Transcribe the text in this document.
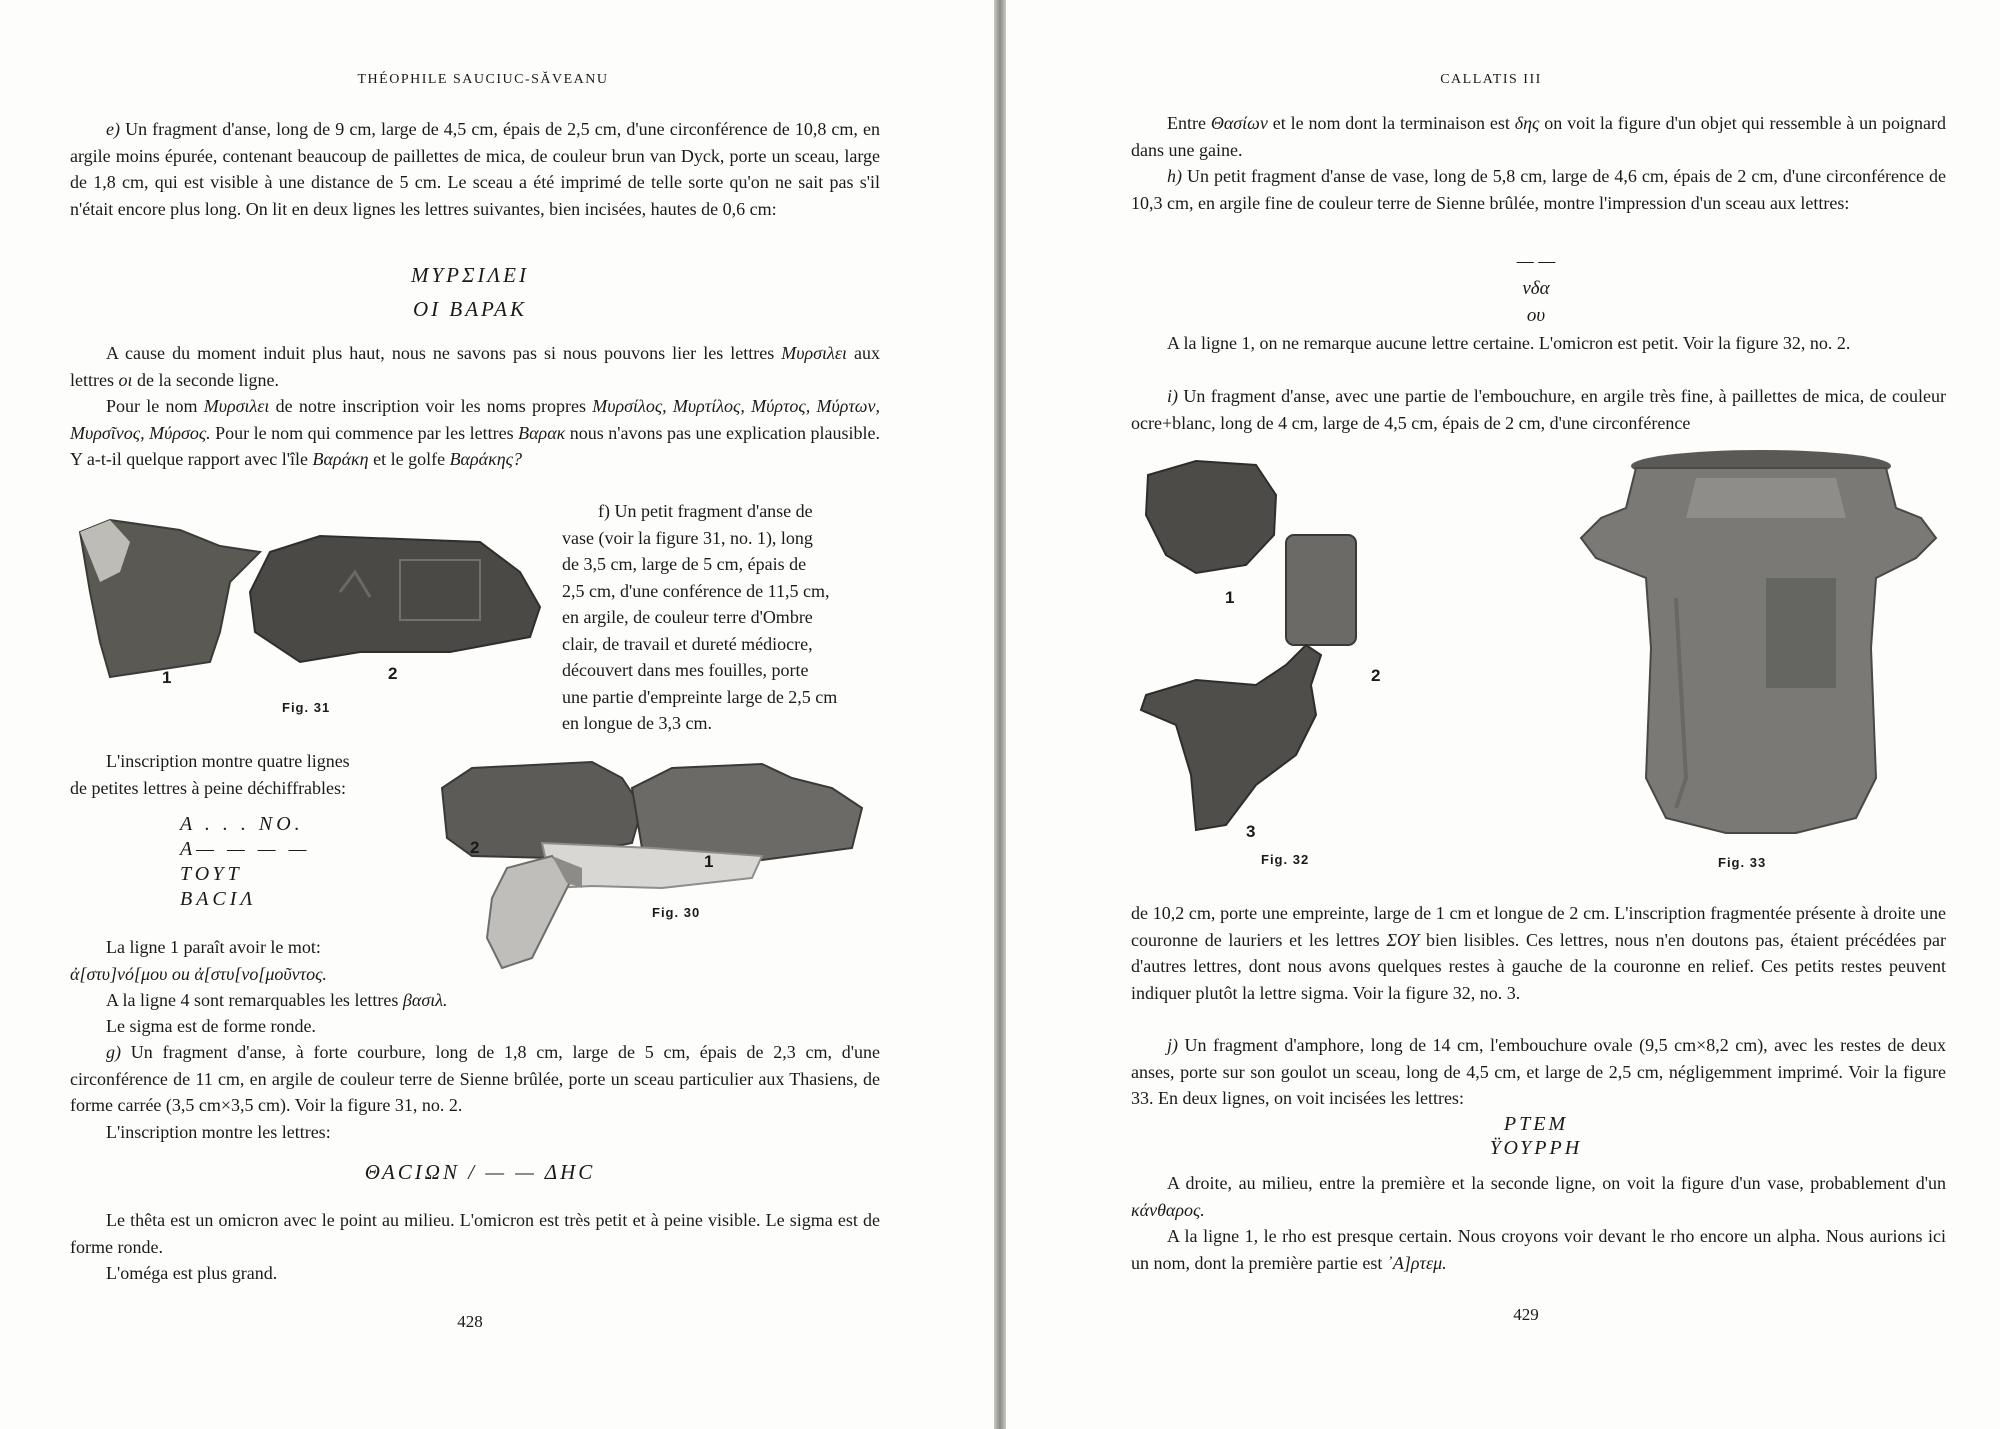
THÉOPHILE SAUCIUC-SĂVEANU
e) Un fragment d'anse, long de 9 cm, large de 4,5 cm, épais de 2,5 cm, d'une circonférence de 10,8 cm, en argile moins épurée, contenant beaucoup de paillettes de mica, de couleur brun van Dyck, porte un sceau, large de 1,8 cm, qui est visible à une distance de 5 cm. Le sceau a été imprimé de telle sorte qu'on ne sait pas s'il n'était encore plus long. On lit en deux lignes les lettres suivantes, bien incisées, hautes de 0,6 cm:
ΜΥΡΣΙΛΕΙ
ΟΙ ΒΑΡΑΚ
A cause du moment induit plus haut, nous ne savons pas si nous pouvons lier les lettres Μυρσιλει aux lettres οι de la seconde ligne.
Pour le nom Μυρσιλει de notre inscription voir les noms propres Μυρσίλος, Μυρτίλος, Μύρτος, Μύρτων, Μυρσῖνος, Μύρσος. Pour le nom qui commence par les lettres Βαρακ nous n'avons pas une explication plausible. Y a-t-il quelque rapport avec l'île Βαράκη et le golfe Βαράκης?
1	2
Fig. 31
f) Un petit fragment d'anse de
vase (voir la figure 31, no. 1), long
de 3,5 cm, large de 5 cm, épais de
2,5 cm, d'une conférence de 11,5 cm,
en argile, de couleur terre d'Ombre
clair, de travail et dureté médiocre,
découvert dans mes fouilles, porte
une partie d'empreinte large de 2,5 cm
en longue de 3,3 cm.
L'inscription montre quatre lignes
de petites lettres à peine déchiffrables:
Α . . . ΝΟ.
Α— — — —
ΤΟΥΤ
ΒΑCΙΛ
2
1
Fig. 30
La ligne 1 paraît avoir le mot:
ἀ[στυ]νό[μου ou ἀ[στυ[νο[μοῦντος.
A la ligne 4 sont remarquables les lettres βασιλ.
Le sigma est de forme ronde.
g) Un fragment d'anse, à forte courbure, long de 1,8 cm, large de 5 cm, épais de 2,3 cm, d'une circonférence de 11 cm, en argile de couleur terre de Sienne brûlée, porte un sceau particulier aux Thasiens, de forme carrée (3,5 cm×3,5 cm). Voir la figure 31, no. 2.
L'inscription montre les lettres:
ΘΑCΙΩΝ / — — ΔΗC
Le thêta est un omicron avec le point au milieu. L'omicron est très petit et à peine visible. Le sigma est de forme ronde.
L'oméga est plus grand.
428
CALLATIS III
Entre Θασίων et le nom dont la terminaison est δης on voit la figure d'un objet qui ressemble à un poignard dans une gaine.
h) Un petit fragment d'anse de vase, long de 5,8 cm, large de 4,6 cm, épais de 2 cm, d'une circonférence de 10,3 cm, en argile fine de couleur terre de Sienne brûlée, montre l'impression d'un sceau aux lettres:
— —
νδα
ου
A la ligne 1, on ne remarque aucune lettre certaine. L'omicron est petit. Voir la figure 32, no. 2.
i) Un fragment d'anse, avec une partie de l'embouchure, en argile très fine, à paillettes de mica, de couleur ocre+blanc, long de 4 cm, large de 4,5 cm, épais de 2 cm, d'une circonférence
1
2
3
Fig. 32	Fig. 33
de 10,2 cm, porte une empreinte, large de 1 cm et longue de 2 cm. L'inscription fragmentée présente à droite une couronne de lauriers et les lettres ΣΟΥ bien lisibles. Ces lettres, nous n'en doutons pas, étaient précédées par d'autres lettres, dont nous avons quelques restes à gauche de la couronne en relief. Ces petits restes peuvent indiquer plutôt la lettre sigma. Voir la figure 32, no. 3.
j) Un fragment d'amphore, long de 14 cm, l'embouchure ovale (9,5 cm×8,2 cm), avec les restes de deux anses, porte sur son goulot un sceau, long de 4,5 cm, et large de 2,5 cm, négligemment imprimé. Voir la figure 33. En deux lignes, on voit incisées les lettres:
ΡΤΕΜ
ΫΟΥΡΡΗ
A droite, au milieu, entre la première et la seconde ligne, on voit la figure d'un vase, probablement d'un κάνθαρος.
A la ligne 1, le rho est presque certain. Nous croyons voir devant le rho encore un alpha. Nous aurions ici un nom, dont la première partie est ᾿Α]ρτεμ.
429
